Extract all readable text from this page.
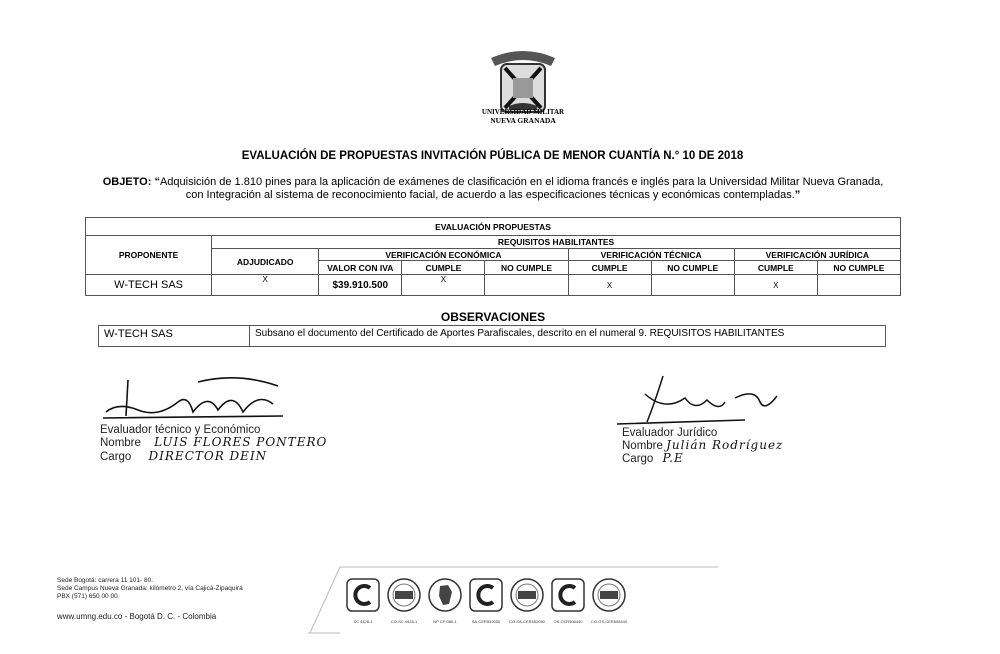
UNIVERSIDAD MILITAR
NUEVA GRANADA
EVALUACIÓN DE PROPUESTAS INVITACIÓN PÚBLICA DE MENOR CUANTÍA N.° 10 DE 2018
OBJETO: “Adquisición de 1.810 pines para la aplicación de exámenes de clasificación en el idioma francés e inglés para la Universidad Militar Nueva Granada, con Integración al sistema de reconocimiento facial, de acuerdo a las especificaciones técnicas y económicas contempladas.”
EVALUACIÓN PROPUESTAS								
PROPONENTE	REQUISITOS HABILITANTES							
	ADJUDICADO	VERIFICACIÓN ECONÓMICA			VERIFICACIÓN TÉCNICA		VERIFICACIÓN JURÍDICA	
		VALOR CON IVA	CUMPLE	NO CUMPLE	CUMPLE	NO CUMPLE	CUMPLE	NO CUMPLE
W-TECH SAS	X	$39.910.500	X		X		X	
OBSERVACIONES
W-TECH SAS	Subsano el documento del Certificado de Aportes Parafiscales, descrito en el numeral 9. REQUISITOS HABILITANTES
Evaluador técnico y Económico
Nombre LUIS FLORES PONTERO
Cargo DIRECTOR DEIN
Evaluador Jurídico
Nombre Julián Rodríguez
Cargo P.E
Sede Bogotá: carrera 11 101- 80.
Sede Campus Nueva Granada: kilómetro 2, vía Cajicá-Zipaquirá
PBX (571) 650 00 00
www.umng.edu.co - Bogotá D. C. - Colombia
SC 4428-1	CO-SC 4428-1	NP CP 080-1	SA-CER552050	CO-SA-CER552050	OS-CER508440	CO-OS-CER508440
